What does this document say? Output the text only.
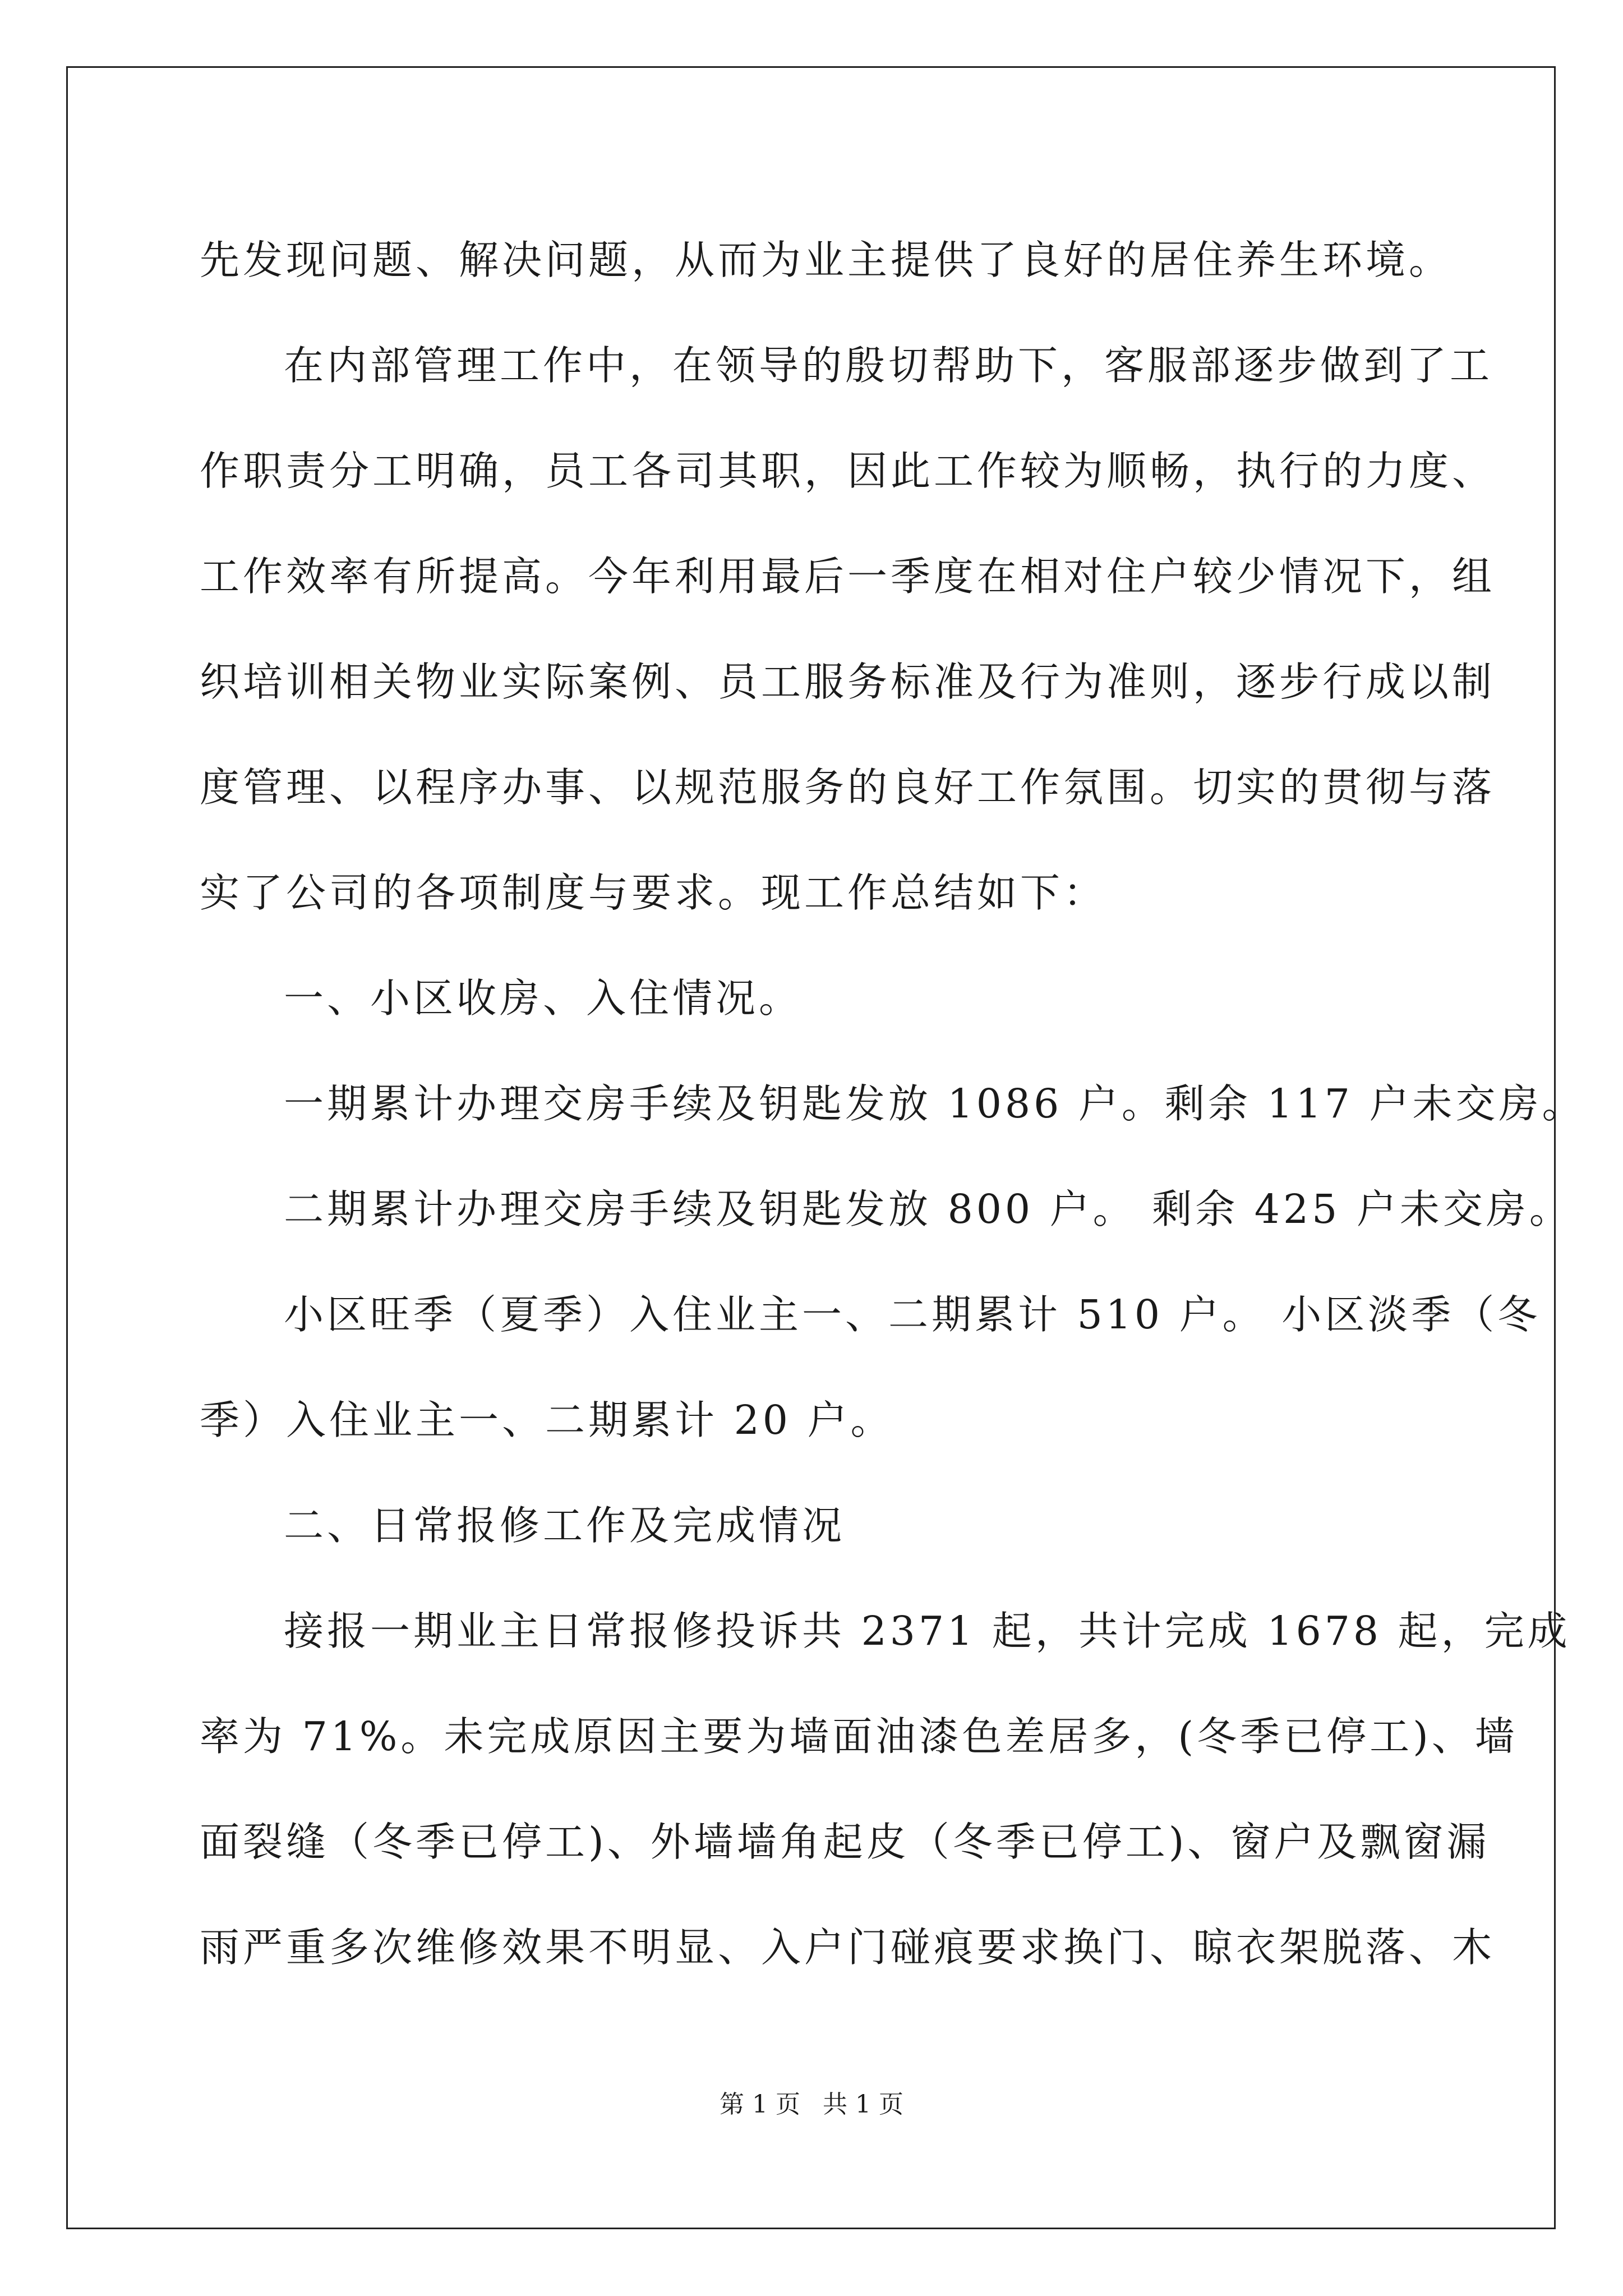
先发现问题、解决问题，从而为业主提供了良好的居住养生环境。

在内部管理工作中，在领导的殷切帮助下，客服部逐步做到了工

作职责分工明确，员工各司其职，因此工作较为顺畅，执行的力度、

工作效率有所提高。今年利用最后一季度在相对住户较少情况下，组

织培训相关物业实际案例、员工服务标准及行为准则，逐步行成以制

度管理、以程序办事、以规范服务的良好工作氛围。切实的贯彻与落

实了公司的各项制度与要求。现工作总结如下：

一、小区收房、入住情况。

一期累计办理交房手续及钥匙发放 1086 户。剩余 117 户未交房。

二期累计办理交房手续及钥匙发放 800 户。 剩余 425 户未交房。

小区旺季（夏季）入住业主一、二期累计 510 户。 小区淡季（冬

季）入住业主一、二期累计 20 户。

二、日常报修工作及完成情况

接报一期业主日常报修投诉共 2371 起，共计完成 1678 起，完成

率为 71%。未完成原因主要为墙面油漆色差居多，(冬季已停工)、墙

面裂缝（冬季已停工)、外墙墙角起皮（冬季已停工)、窗户及飘窗漏

雨严重多次维修效果不明显、入户门碰痕要求换门、晾衣架脱落、木

第 1 页 共 1 页
